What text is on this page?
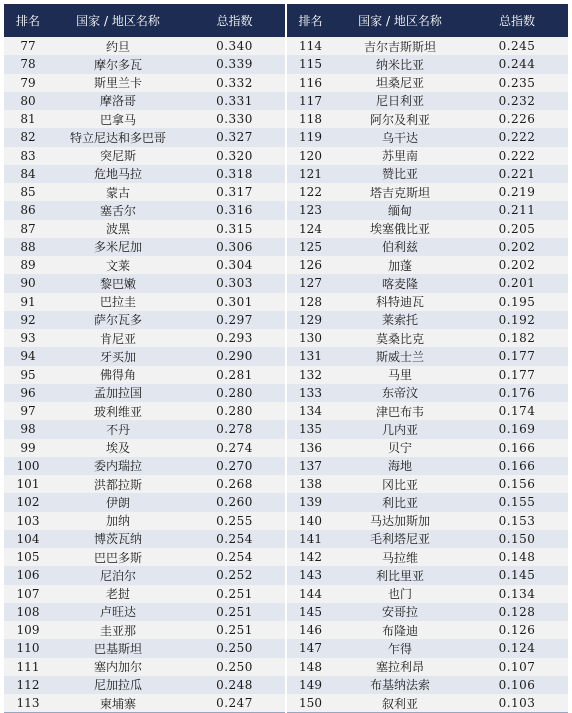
排名	国家 / 地区名称	总指数	排名	国家 / 地区名称	总指数
77	约旦	0.340	114	吉尔吉斯斯坦	0.245
78	摩尔多瓦	0.339	115	纳米比亚	0.244
79	斯里兰卡	0.332	116	坦桑尼亚	0.235
80	摩洛哥	0.331	117	尼日利亚	0.232
81	巴拿马	0.330	118	阿尔及利亚	0.226
82	特立尼达和多巴哥	0.327	119	乌干达	0.222
83	突尼斯	0.320	120	苏里南	0.222
84	危地马拉	0.318	121	赞比亚	0.221
85	蒙古	0.317	122	塔吉克斯坦	0.219
86	塞舌尔	0.316	123	缅甸	0.211
87	波黑	0.315	124	埃塞俄比亚	0.205
88	多米尼加	0.306	125	伯利兹	0.202
89	文莱	0.304	126	加蓬	0.202
90	黎巴嫩	0.303	127	喀麦隆	0.201
91	巴拉圭	0.301	128	科特迪瓦	0.195
92	萨尔瓦多	0.297	129	莱索托	0.192
93	肯尼亚	0.293	130	莫桑比克	0.182
94	牙买加	0.290	131	斯威士兰	0.177
95	佛得角	0.281	132	马里	0.177
96	孟加拉国	0.280	133	东帝汶	0.176
97	玻利维亚	0.280	134	津巴布韦	0.174
98	不丹	0.278	135	几内亚	0.169
99	埃及	0.274	136	贝宁	0.166
100	委内瑞拉	0.270	137	海地	0.166
101	洪都拉斯	0.268	138	冈比亚	0.156
102	伊朗	0.260	139	利比亚	0.155
103	加纳	0.255	140	马达加斯加	0.153
104	博茨瓦纳	0.254	141	毛利塔尼亚	0.150
105	巴巴多斯	0.254	142	马拉维	0.148
106	尼泊尔	0.252	143	利比里亚	0.145
107	老挝	0.251	144	也门	0.134
108	卢旺达	0.251	145	安哥拉	0.128
109	圭亚那	0.251	146	布隆迪	0.126
110	巴基斯坦	0.250	147	乍得	0.124
111	塞内加尔	0.250	148	塞拉利昂	0.107
112	尼加拉瓜	0.248	149	布基纳法索	0.106
113	柬埔寨	0.247	150	叙利亚	0.103
